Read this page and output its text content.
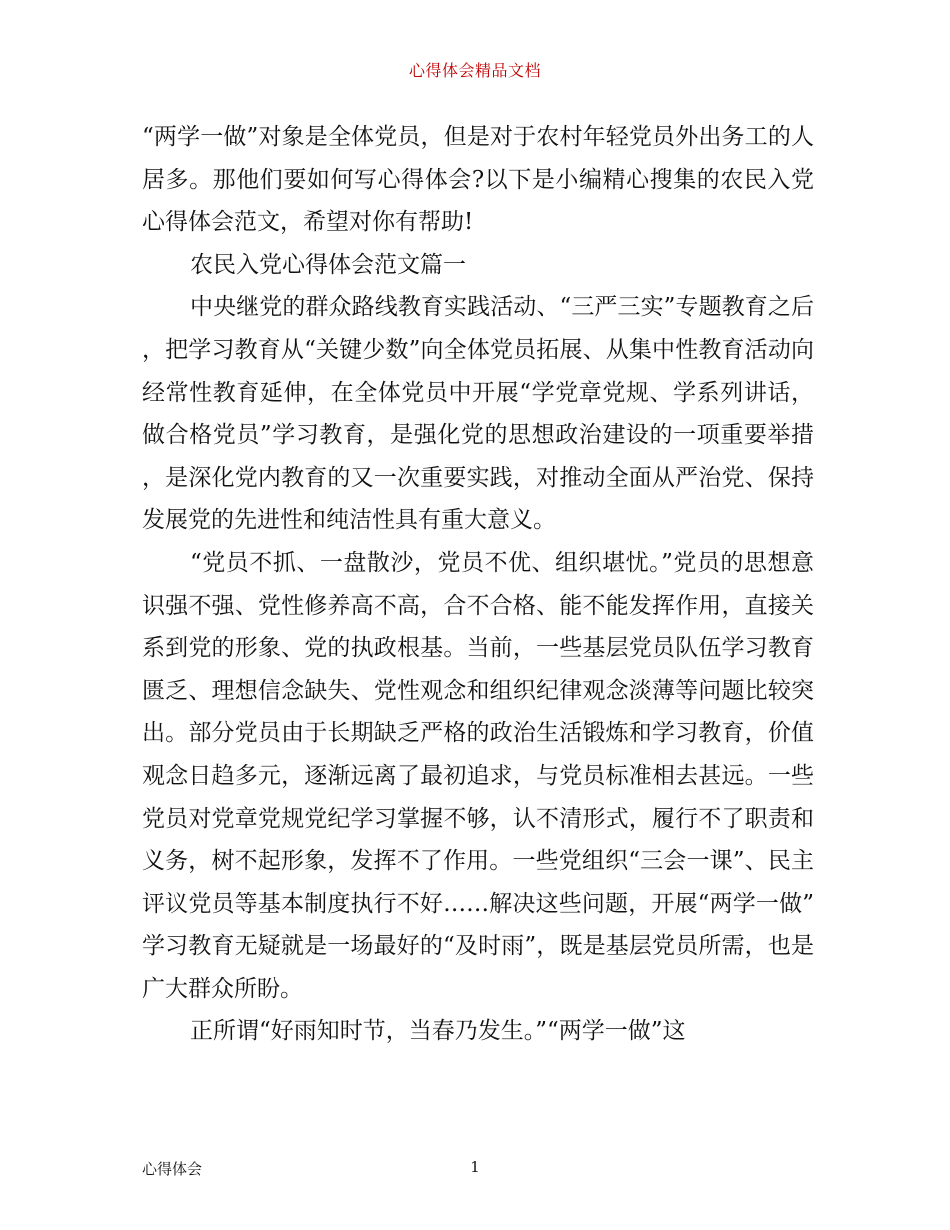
心得体会精品文档

“两学一做”对象是全体党员，但是对于农村年轻党员外出务工的人居多。那他们要如何写心得体会?以下是小编精心搜集的农民入党心得体会范文，希望对你有帮助!

农民入党心得体会范文篇一

中央继党的群众路线教育实践活动、“三严三实”专题教育之后，把学习教育从“关键少数”向全体党员拓展、从集中性教育活动向经常性教育延伸，在全体党员中开展“学党章党规、学系列讲话，做合格党员”学习教育，是强化党的思想政治建设的一项重要举措，是深化党内教育的又一次重要实践，对推动全面从严治党、保持发展党的先进性和纯洁性具有重大意义。

“党员不抓、一盘散沙，党员不优、组织堪忧。”党员的思想意识强不强、党性修养高不高，合不合格、能不能发挥作用，直接关系到党的形象、党的执政根基。当前，一些基层党员队伍学习教育匮乏、理想信念缺失、党性观念和组织纪律观念淡薄等问题比较突出。部分党员由于长期缺乏严格的政治生活锻炼和学习教育，价值观念日趋多元，逐渐远离了最初追求，与党员标准相去甚远。一些党员对党章党规党纪学习掌握不够，认不清形式，履行不了职责和义务，树不起形象，发挥不了作用。一些党组织“三会一课”、民主评议党员等基本制度执行不好……解决这些问题，开展“两学一做”学习教育无疑就是一场最好的“及时雨”，既是基层党员所需，也是广大群众所盼。

正所谓“好雨知时节，当春乃发生。”“两学一做”这

心得体会	1
